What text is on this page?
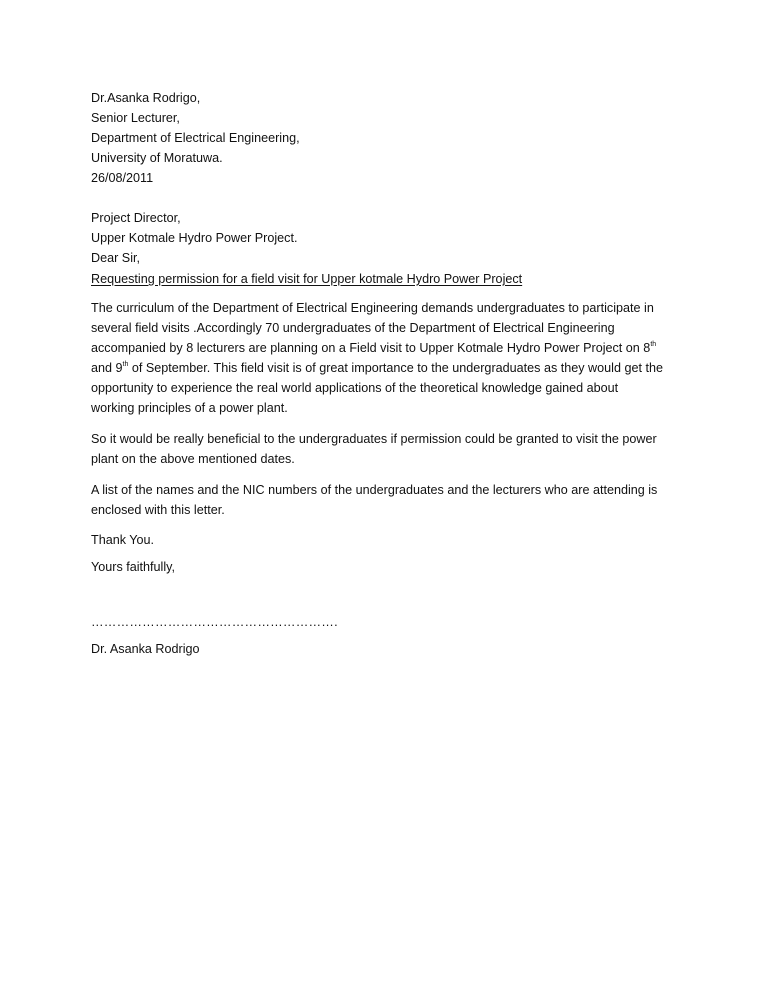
Dr.Asanka Rodrigo,

Senior Lecturer,

Department of Electrical Engineering,

University of Moratuwa.

26/08/2011

Project Director,

Upper Kotmale Hydro Power Project.

Dear Sir,

Requesting permission for a field visit for Upper kotmale Hydro Power Project
The curriculum of the Department of Electrical Engineering demands undergraduates to participate in
several field visits .Accordingly 70 undergraduates of the Department of Electrical Engineering
accompanied by 8 lecturers are planning on a Field visit to Upper Kotmale Hydro Power Project on 8th
and 9th of September. This field visit is of great importance to the undergraduates as they would get the
opportunity to experience the real world applications of the theoretical knowledge gained about
working principles of a power plant.
So it would be really beneficial to the undergraduates if permission could be granted to visit the power
plant on the above mentioned dates.
A list of the names and the NIC numbers of the undergraduates and the lecturers who are attending is
enclosed with this letter.
Thank You.
Yours faithfully,
………………………………………………….
Dr. Asanka Rodrigo
